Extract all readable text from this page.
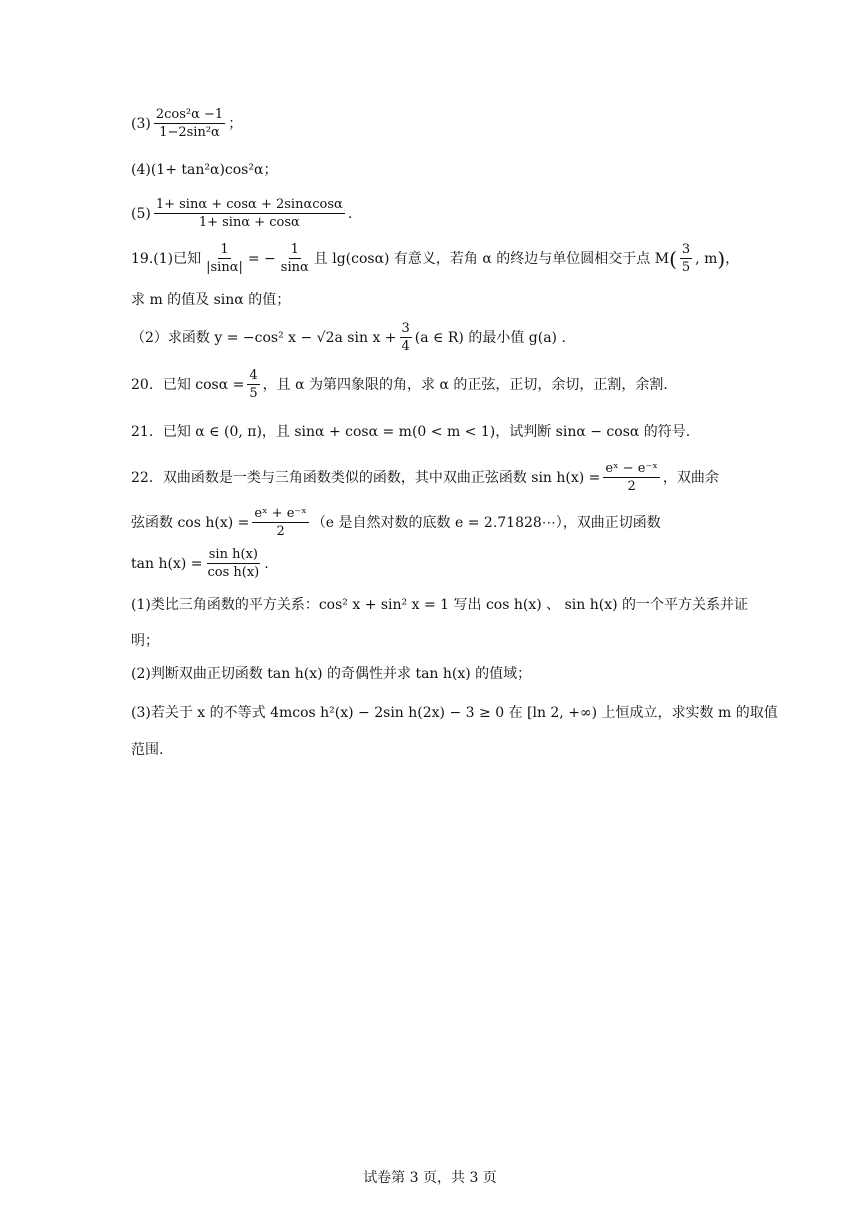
$(3) \frac{\text{2cos²α −1}}{\text{1−2sin²α}}$ ；
(4) (1+ tan²α)cos²α ；
$(5) \frac{1+ \sin\alpha + \cos\alpha + 2\sin\alpha\cos\alpha}{1+ \sin\alpha + \cos\alpha}$ .
19. (1) 已知 $\frac{1}{|\sin\alpha|}$ = − $\frac{1}{\sin\alpha}$ 且 lg(cosα) 有意义，若角 α 的终边与单位圆相交于点 M ( $\frac{3}{5}$ , m ) ，
求 m 的值及 sinα 的值；
（2） 求函数 y = −cos² x − √2a $\sin x + \frac{3}{4} (a$ ∈ R) 的最小值 g(a) .
20．已知 $\cos\alpha = \frac{4}{5}$ ，且 α 为第四象限的角，求 α 的正弦，正切，余切，正割，余割.
21．已知 α ∈ (0, π)，且 sinα + cosα = m(0 < m < 1)，试判断 sinα − cosα 的符号.
22．双曲函数是一类与三角函数类似的函数，其中双曲正弦函数 $\sin h(x) = \frac{\text{eˣ − e⁻ˣ}}{2}$ ，双曲余
弦函数 $\cos h(x) = \frac{\text{eˣ + e⁻ˣ}}{2} (e$ 是自然对数的底数 e = 2.71828⋯），双曲正切函数
$\tan h(x) = \frac{\text{sin h(x)}}{\text{cos h(x)}}$ .
(1)类比三角函数的平方关系：cos² x + sin² x = 1 写出 cos h(x) 、 sin h(x) 的一个平方关系并证
明；
(2)判断双曲正切函数 tan h(x) 的奇偶性并求 tan h(x) 的值域；
(3)若关于 x 的不等式 4mcos h²(x) − 2sin h(2x) − 3 ≥ 0 在 [ln 2, +∞) 上恒成立，求实数 m 的取值
范围.
试卷第 3 页，共 3 页
